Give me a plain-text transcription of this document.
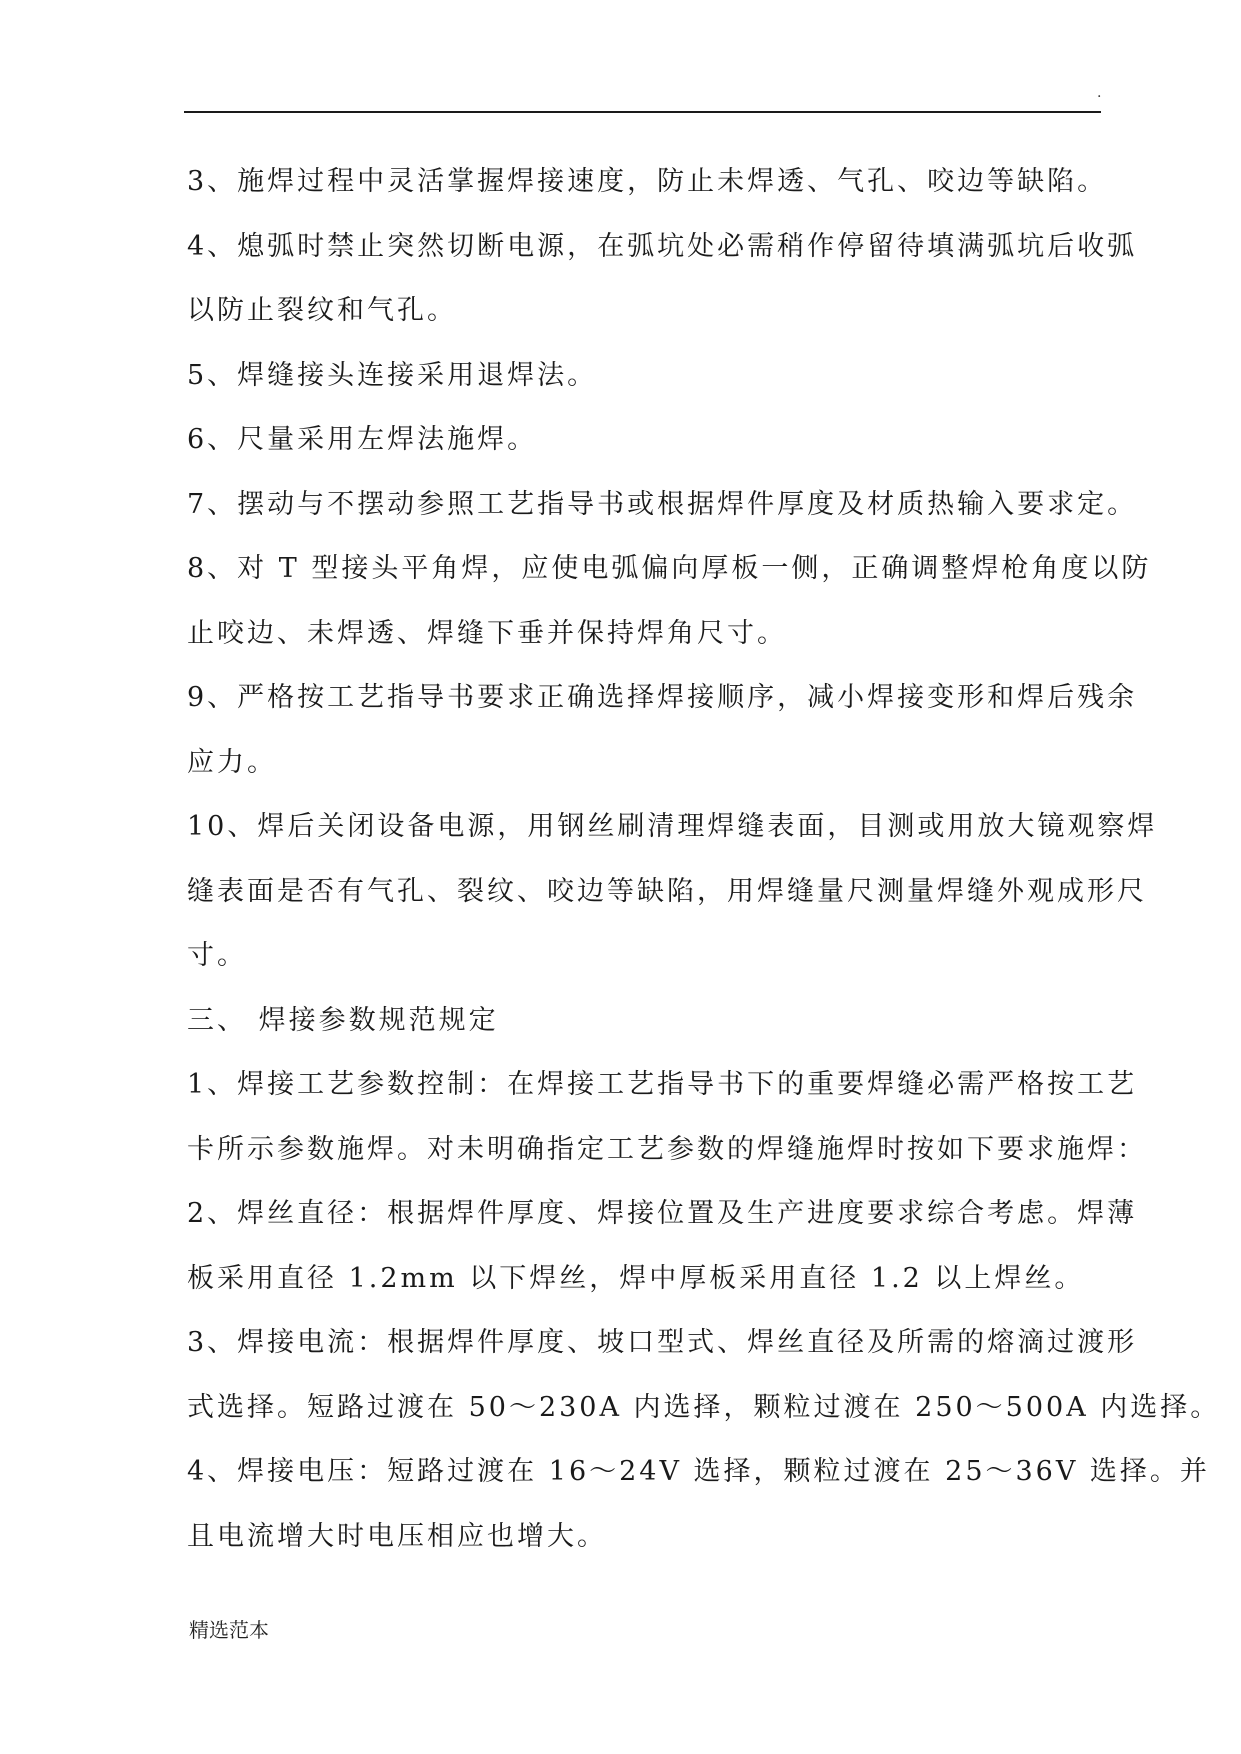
.

3、施焊过程中灵活掌握焊接速度，防止未焊透、气孔、咬边等缺陷。

4、熄弧时禁止突然切断电源，在弧坑处必需稍作停留待填满弧坑后收弧

以防止裂纹和气孔。

5、焊缝接头连接采用退焊法。

6、尺量采用左焊法施焊。

7、摆动与不摆动参照工艺指导书或根据焊件厚度及材质热输入要求定。

8、对 T 型接头平角焊，应使电弧偏向厚板一侧，正确调整焊枪角度以防

止咬边、未焊透、焊缝下垂并保持焊角尺寸。

9、严格按工艺指导书要求正确选择焊接顺序，减小焊接变形和焊后残余

应力。

10、焊后关闭设备电源，用钢丝刷清理焊缝表面，目测或用放大镜观察焊

缝表面是否有气孔、裂纹、咬边等缺陷，用焊缝量尺测量焊缝外观成形尺

寸。

三、 焊接参数规范规定

1、焊接工艺参数控制：在焊接工艺指导书下的重要焊缝必需严格按工艺

卡所示参数施焊。对未明确指定工艺参数的焊缝施焊时按如下要求施焊：

2、焊丝直径：根据焊件厚度、焊接位置及生产进度要求综合考虑。焊薄

板采用直径 1.2mm 以下焊丝，焊中厚板采用直径 1.2 以上焊丝。

3、焊接电流：根据焊件厚度、坡口型式、焊丝直径及所需的熔滴过渡形

式选择。短路过渡在 50～230A 内选择，颗粒过渡在 250～500A 内选择。

4、焊接电压：短路过渡在 16～24V 选择，颗粒过渡在 25～36V 选择。并

且电流增大时电压相应也增大。

精选范本
